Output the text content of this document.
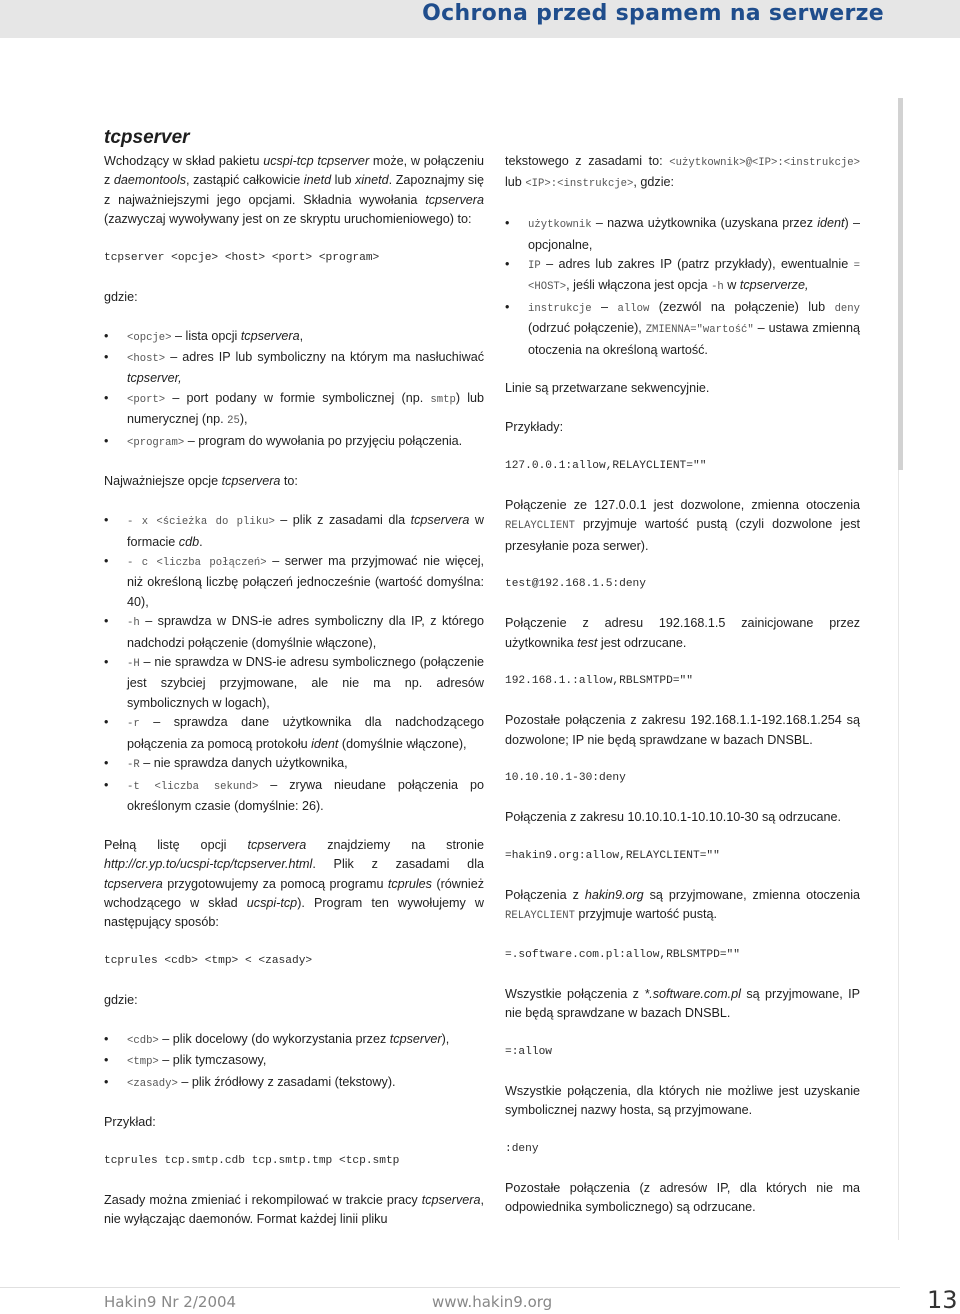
Ochrona przed spamem na serwerze
tcpserver

Wchodzący w skład pakietu ucspi-tcp tcpserver może, w połączeniu z daemontools, zastąpić całkowicie inetd lub xinetd. Zapoznajmy się z najważniejszymi jego opcjami. Składnia wywołania tcpservera (zazwyczaj wywoływany jest on ze skryptu uruchomieniowego) to:

tcpserver <opcje> <host> <port> <program>

gdzie:

• <opcje> – lista opcji tcpservera,
• <host> – adres IP lub symboliczny na którym ma nasłuchiwać tcpserver,
• <port> – port podany w formie symbolicznej (np. smtp) lub numerycznej (np. 25),
• <program> – program do wywołania po przyjęciu połączenia.

Najważniejsze opcje tcpservera to:

• - x <ścieżka do pliku> – plik z zasadami dla tcpservera w formacie cdb.
• - c <liczba połączeń> – serwer ma przyjmować nie więcej, niż określoną liczbę połączeń jednocześnie (wartość domyślna: 40),
• -h – sprawdza w DNS-ie adres symboliczny dla IP, z którego nadchodzi połączenie (domyślnie włączone),
• -H – nie sprawdza w DNS-ie adresu symbolicznego (połączenie jest szybciej przyjmowane, ale nie ma np. adresów symbolicznych w logach),
• -r – sprawdza dane użytkownika dla nadchodzącego połączenia za pomocą protokołu ident (domyślnie włączone),
• -R – nie sprawdza danych użytkownika,
• -t <liczba sekund> – zrywa nieudane połączenia po określonym czasie (domyślnie: 26).

Pełną listę opcji tcpservera znajdziemy na stronie http://cr.yp.to/ucspi-tcp/tcpserver.html. Plik z zasadami dla tcpservera przygotowujemy za pomocą programu tcprules (również wchodzącego w skład ucspi-tcp). Program ten wywołujemy w następujący sposób:

tcprules <cdb> <tmp> < <zasady>

gdzie:

• <cdb> – plik docelowy (do wykorzystania przez tcpserver),
• <tmp> – plik tymczasowy,
• <zasady> – plik źródłowy z zasadami (tekstowy).

Przykład:

tcprules tcp.smtp.cdb tcp.smtp.tmp <tcp.smtp

Zasady można zmieniać i rekompilować w trakcie pracy tcpservera, nie wyłączając daemonów. Format każdej linii pliku

tekstowego z zasadami to: <użytkownik>@<IP>:<instrukcje> lub <IP>:<instrukcje>, gdzie:

• użytkownik – nazwa użytkownika (uzyskana przez ident) – opcjonalne,
• IP – adres lub zakres IP (patrz przykłady), ewentualnie =<HOST>, jeśli włączona jest opcja -h w tcpserverze,
• instrukcje – allow (zezwól na połączenie) lub deny (odrzuć połączenie), ZMIENNA="wartość" – ustawa zmienną otoczenia na określoną wartość.

Linie są przetwarzane sekwencyjnie.

Przykłady:

127.0.0.1:allow,RELAYCLIENT=""

Połączenie ze 127.0.0.1 jest dozwolone, zmienna otoczenia RELAYCLIENT przyjmuje wartość pustą (czyli dozwolone jest przesyłanie poza serwer).

test@192.168.1.5:deny

Połączenie z adresu 192.168.1.5 zainicjowane przez użytkownika test jest odrzucane.

192.168.1.:allow,RBLSMTPD=""

Pozostałe połączenia z zakresu 192.168.1.1-192.168.1.254 są dozwolone; IP nie będą sprawdzane w bazach DNSBL.

10.10.10.1-30:deny

Połączenia z zakresu 10.10.10.1-10.10.10-30 są odrzucane.

=hakin9.org:allow,RELAYCLIENT=""

Połączenia z hakin9.org są przyjmowane, zmienna otoczenia RELAYCLIENT przyjmuje wartość pustą.

=.software.com.pl:allow,RBLSMTPD=""

Wszystkie połączenia z *.software.com.pl są przyjmowane, IP nie będą sprawdzane w bazach DNSBL.

=:allow

Wszystkie połączenia, dla których nie możliwe jest uzyskanie symbolicznej nazwy hosta, są przyjmowane.

:deny

Pozostałe połączenia (z adresów IP, dla których nie ma odpowiednika symbolicznego) są odrzucane.

Hakin9 Nr 2/2004	www.hakin9.org	13
